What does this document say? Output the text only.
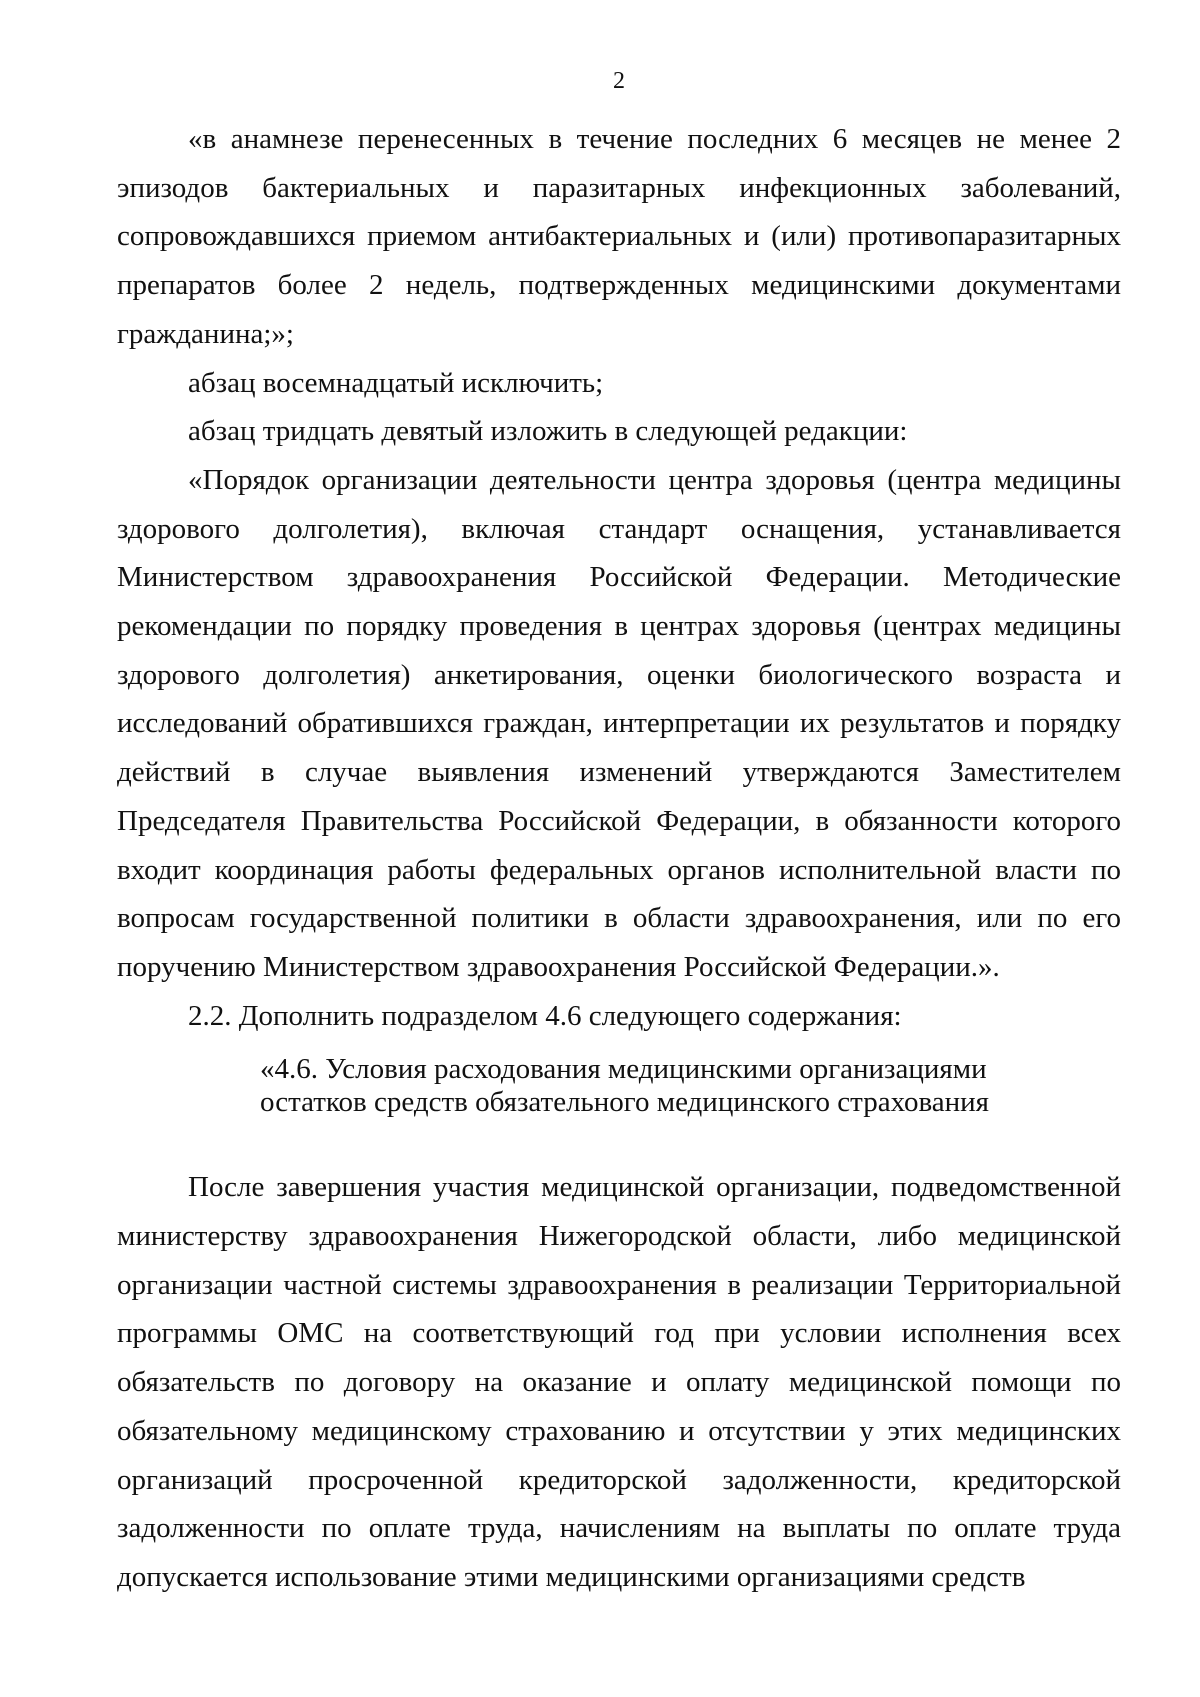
2

«в анамнезе перенесенных в течение последних 6 месяцев не менее 2 эпизодов бактериальных и паразитарных инфекционных заболеваний, сопровождавшихся приемом антибактериальных и (или) противопаразитарных препаратов более 2 недель, подтвержденных медицинскими документами гражданина;»;

абзац восемнадцатый исключить;

абзац тридцать девятый изложить в следующей редакции:

«Порядок организации деятельности центра здоровья (центра медицины здорового долголетия), включая стандарт оснащения, устанавливается Министерством здравоохранения Российской Федерации. Методические рекомендации по порядку проведения в центрах здоровья (центрах медицины здорового долголетия) анкетирования, оценки биологического возраста и исследований обратившихся граждан, интерпретации их результатов и порядку действий в случае выявления изменений утверждаются Заместителем Председателя Правительства Российской Федерации, в обязанности которого входит координация работы федеральных органов исполнительной власти по вопросам государственной политики в области здравоохранения, или по его поручению Министерством здравоохранения Российской Федерации.».

2.2. Дополнить подразделом 4.6 следующего содержания:

«4.6. Условия расходования медицинскими организациями
остатков средств обязательного медицинского страхования

После завершения участия медицинской организации, подведомственной министерству здравоохранения Нижегородской области, либо медицинской организации частной системы здравоохранения в реализации Территориальной программы ОМС на соответствующий год при условии исполнения всех обязательств по договору на оказание и оплату медицинской помощи по обязательному медицинскому страхованию и отсутствии у этих медицинских организаций просроченной кредиторской задолженности, кредиторской задолженности по оплате труда, начислениям на выплаты по оплате труда допускается использование этими медицинскими организациями средств
